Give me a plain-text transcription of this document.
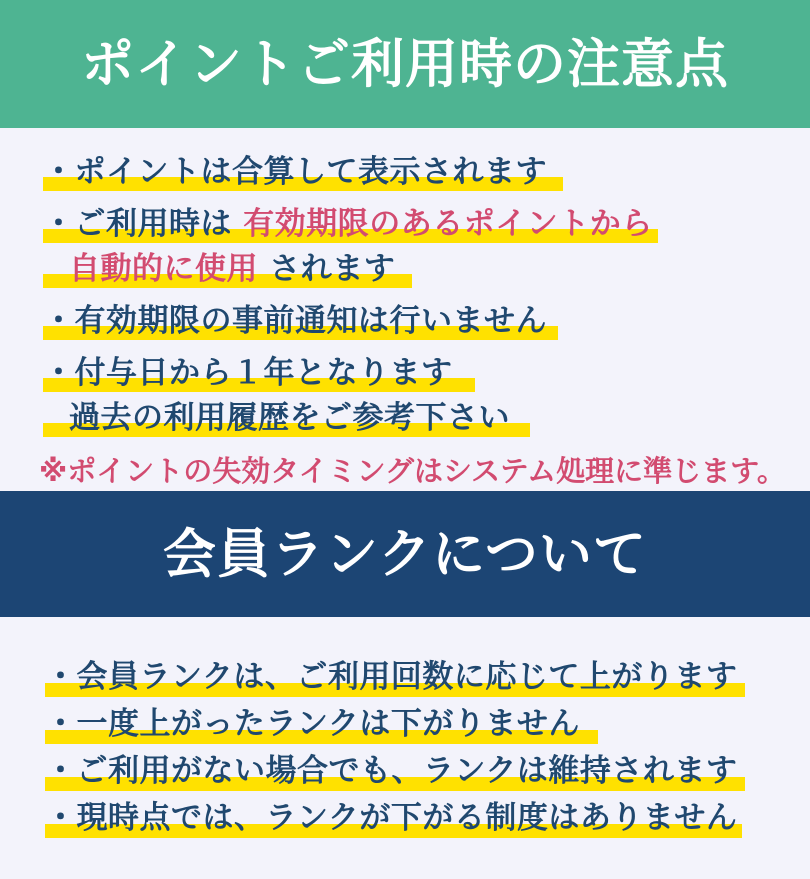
ポイントご利用時の注意点
・ポイントは合算して表示されます
・ご利用時は 有効期限のあるポイントから
自動的に使用 されます
・有効期限の事前通知は行いません
・付与日から１年となります
過去の利用履歴をご参考下さい
※ポイントの失効タイミングはシステム処理に準じます。
会員ランクについて
・会員ランクは、ご利用回数に応じて上がります
・一度上がったランクは下がりません
・ご利用がない場合でも、ランクは維持されます
・現時点では、ランクが下がる制度はありません
